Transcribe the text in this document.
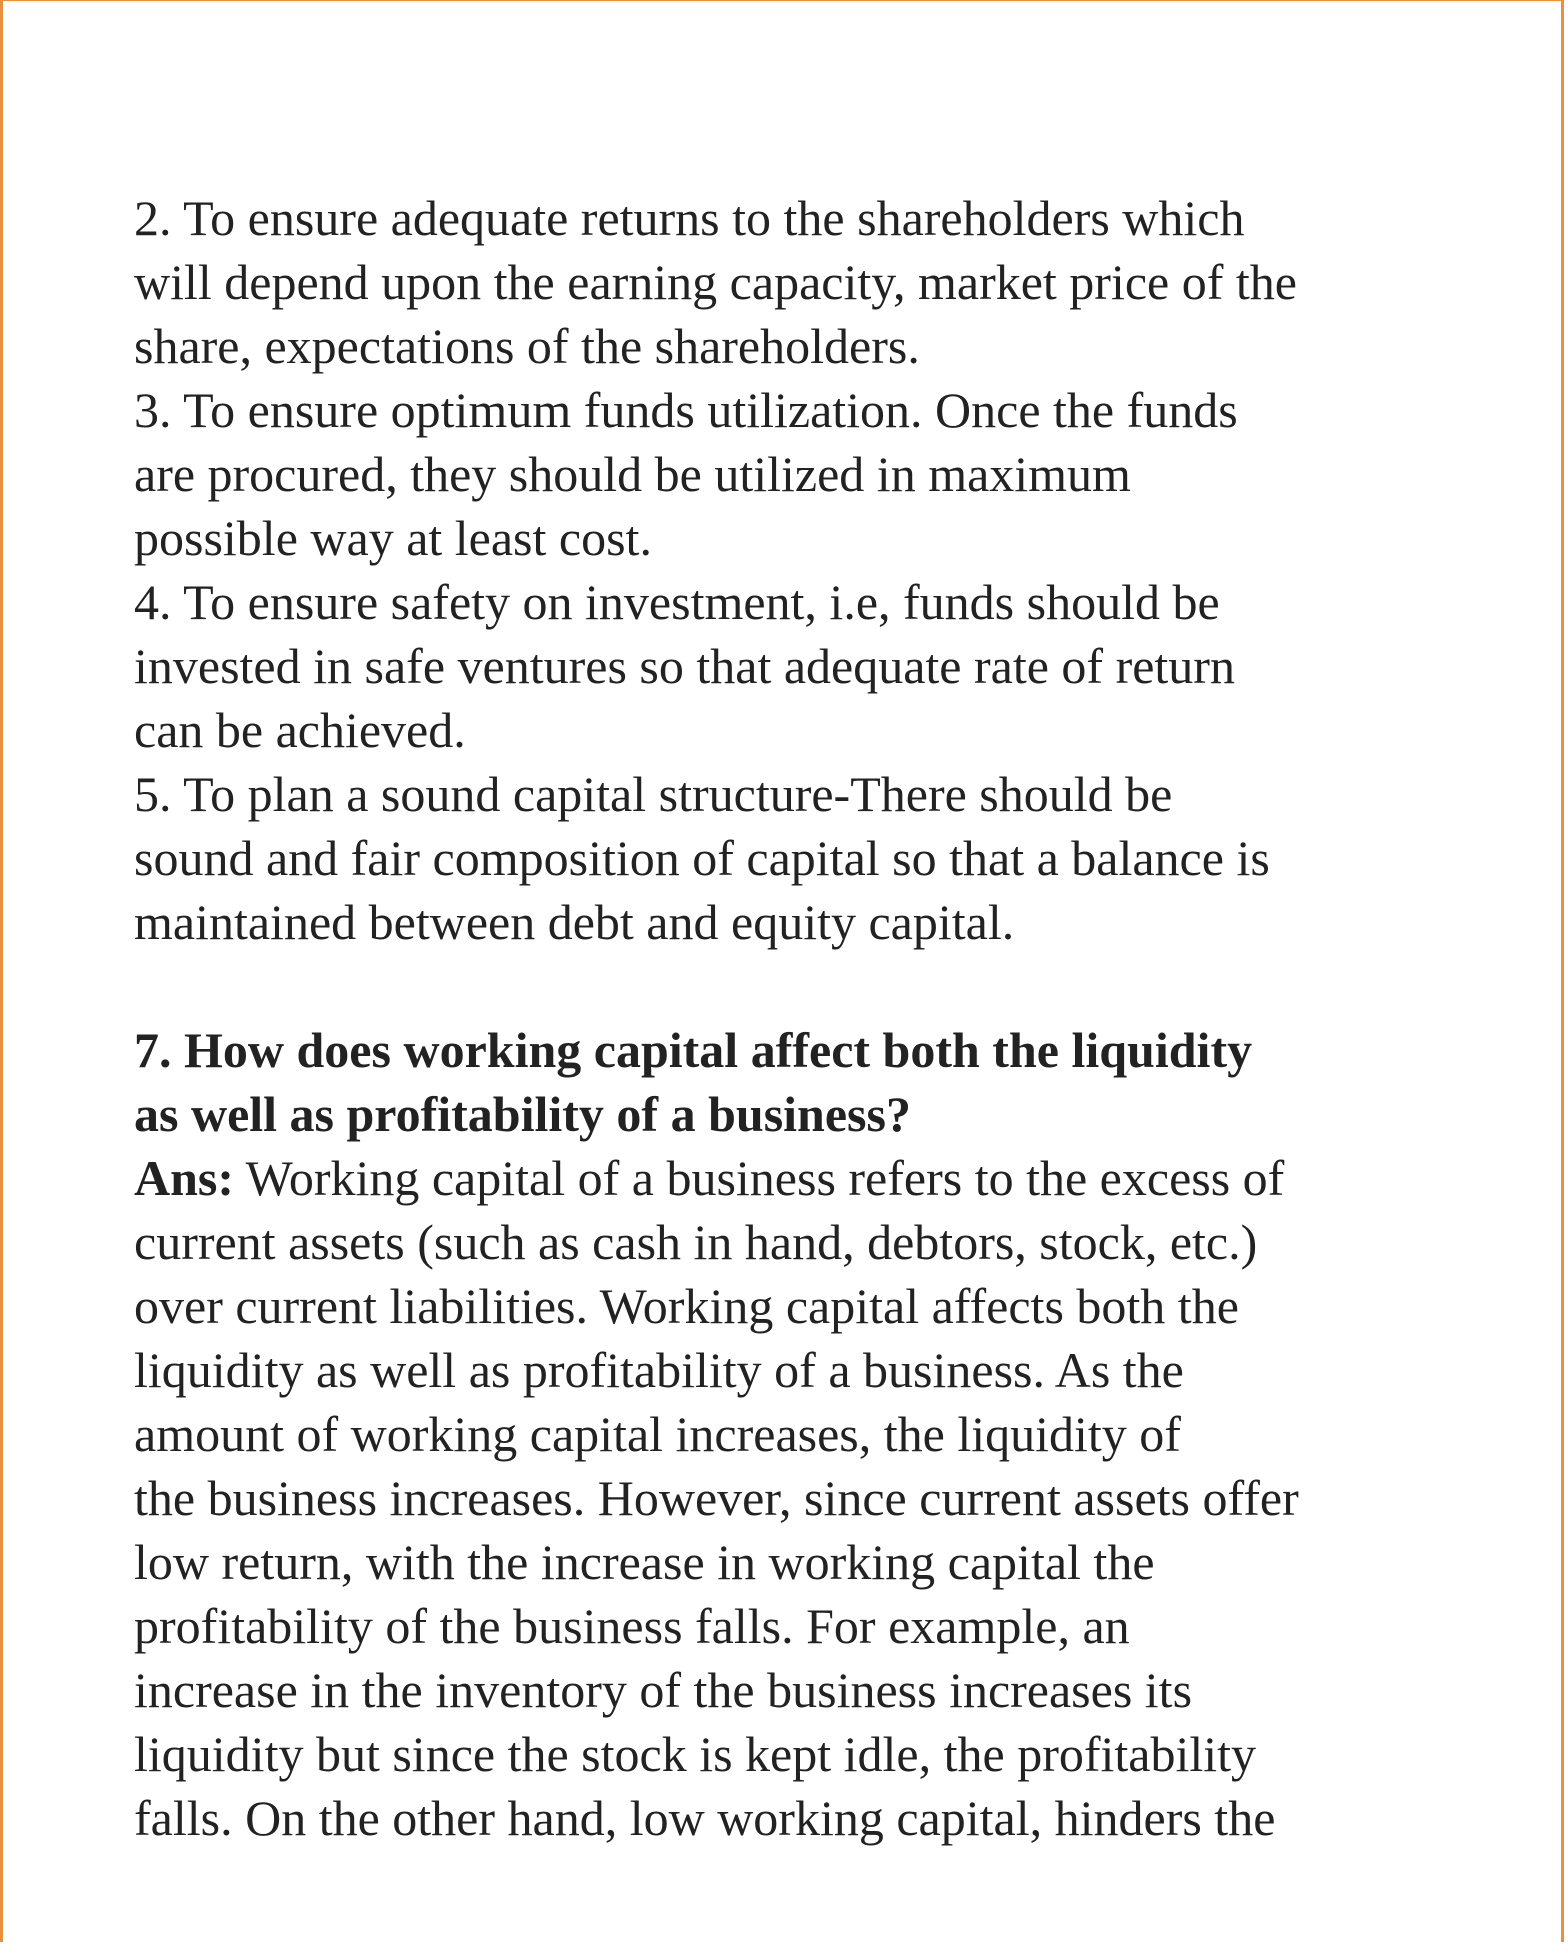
2. To ensure adequate returns to the shareholders which
will depend upon the earning capacity, market price of the
share, expectations of the shareholders.
3. To ensure optimum funds utilization. Once the funds
are procured, they should be utilized in maximum
possible way at least cost.
4. To ensure safety on investment, i.e, funds should be
invested in safe ventures so that adequate rate of return
can be achieved.
5. To plan a sound capital structure-There should be
sound and fair composition of capital so that a balance is
maintained between debt and equity capital.
7. How does working capital affect both the liquidity
as well as profitability of a business?
Ans: Working capital of a business refers to the excess of
current assets (such as cash in hand, debtors, stock, etc.)
over current liabilities. Working capital affects both the
liquidity as well as profitability of a business. As the
amount of working capital increases, the liquidity of
the business increases. However, since current assets offer
low return, with the increase in working capital the
profitability of the business falls. For example, an
increase in the inventory of the business increases its
liquidity but since the stock is kept idle, the profitability
falls. On the other hand, low working capital, hinders the
